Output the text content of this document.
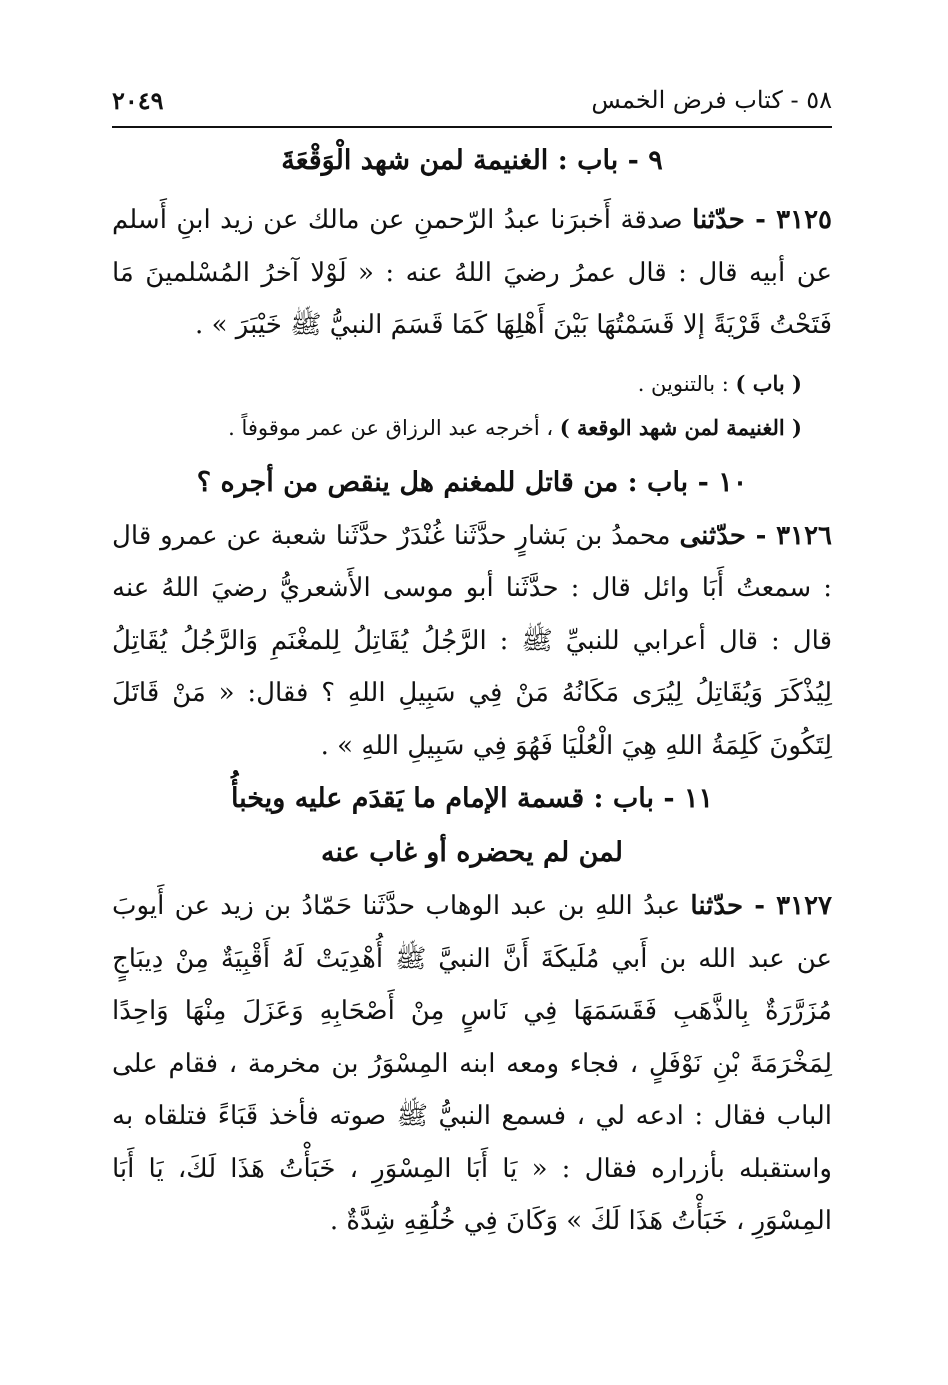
٥٨ - كتاب فرض الخمس
٢٠٤٩
٩ - باب : الغنيمة لمن شهد الْوَقْعَةَ

٣١٢٥ - حدّثنا صدقة أَخبرَنا عبدُ الرّحمنِ عن مالك عن زيد ابنِ أَسلم عن أبيه قال : قال عمرُ رضيَ اللهُ عنه : « لَوْلا آخرُ المُسْلمينَ مَا فَتَحْتُ قَرْيَةً إلا قَسَمْتُهَا بَيْنَ أَهْلِهَا كَمَا قَسَمَ النبيُّ ﷺ خَيْبَرَ » .

( باب ) : بالتنوين .

( الغنيمة لمن شهد الوقعة ) ، أخرجه عبد الرزاق عن عمر موقوفاً .

١٠ - باب : من قاتل للمغنم هل ينقص من أجره ؟

٣١٢٦ - حدّثنى محمدُ بن بَشارٍ حدَّثَنا غُنْدَرٌ حدَّثَنا شعبة عن عمرو قال : سمعتُ أَبَا وائل قال : حدَّثَنا أبو موسى الأَشعريُّ رضيَ اللهُ عنه قال : قال أعرابي للنبيِّ ﷺ : الرَّجُلُ يُقَاتِلُ لِلمغْنَمِ وَالرَّجُلُ يُقَاتِلُ لِيُذْكَرَ وَيُقَاتِلُ لِيُرَى مَكَانُهُ مَنْ فِي سَبِيلِ اللهِ ؟ فقال: « مَنْ قَاتَلَ لِتَكُونَ كَلِمَةُ اللهِ هِيَ الْعُلْيَا فَهُوَ فِي سَبِيلِ اللهِ » .

١١ - باب : قسمة الإمام ما يَقدَم عليه ويخبأُ
لمن لم يحضره أو غاب عنه

٣١٢٧ - حدّثنا عبدُ اللهِ بن عبد الوهاب حدَّثَنا حَمّادُ بن زيد عن أَيوبَ عن عبد الله بن أَبي مُلَيكَةَ أَنَّ النبيَّ ﷺ أُهْدِيَتْ لَهُ أَقْبِيَةٌ مِنْ دِيبَاجٍ مُزَرَّرَةٌ بِالذَّهَبِ فَقَسَمَهَا فِي نَاسٍ مِنْ أَصْحَابِهِ وَعَزَلَ مِنْهَا وَاحِدًا لِمَخْرَمَةَ بْنِ نَوْفَلٍ ، فجاء ومعه ابنه المِسْوَرُ بن مخرمة ، فقام على الباب فقال : ادعه لي ، فسمع النبيُّ ﷺ صوته فأخذ قَبَاءً فتلقاه به واستقبله بأزراره فقال : « يَا أَبَا المِسْوَرِ ، خَبَأْتُ هَذَا لَكَ، يَا أَبَا المِسْوَرِ ، خَبَأْتُ هَذَا لَكَ » وَكَانَ فِي خُلُقِهِ شِدَّةٌ .
